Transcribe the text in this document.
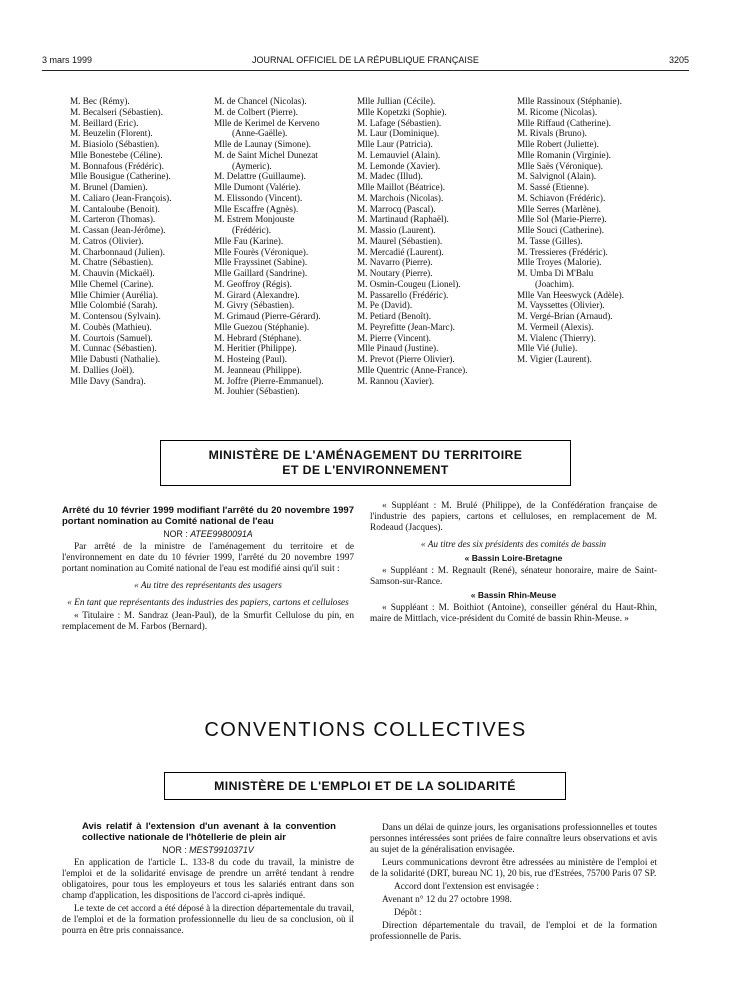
3 mars 1999	JOURNAL OFFICIEL DE LA RÉPUBLIQUE FRANÇAISE	3205
M. Bec (Rémy).
M. Becalseri (Sébastien).
M. Beillard (Eric).
M. Beuzelin (Florent).
M. Biasiolo (Sébastien).
Mlle Bonestebe (Céline).
M. Bonnafous (Frédéric).
Mlle Bousigue (Catherine).
M. Brunel (Damien).
M. Caliaro (Jean-François).
M. Cantaloube (Benoit).
M. Carteron (Thomas).
M. Cassan (Jean-Jérôme).
M. Catros (Olivier).
M. Charbonnaud (Julien).
M. Chatre (Sébastien).
M. Chauvin (Mickaël).
Mlle Chemel (Carine).
Mlle Chimier (Aurélia).
Mlle Colombié (Sarah).
M. Contensou (Sylvain).
M. Coubès (Mathieu).
M. Courtois (Samuel).
M. Cunnac (Sébastien).
Mlle Dabusti (Nathalie).
M. Dallies (Joël).
Mlle Davy (Sandra).
M. de Chancel (Nicolas).
M. de Colbert (Pierre).
Mlle de Kerimel de Kerveno
(Anne-Gaëlle).
Mlle de Launay (Simone).
M. de Saint Michel Dunezat
(Aymeric).
M. Delattre (Guillaume).
Mlle Dumont (Valérie).
M. Elissondo (Vincent).
Mlle Escaffre (Agnès).
M. Estrem Monjouste
(Frédéric).
Mlle Fau (Karine).
Mlle Fourès (Véronique).
Mlle Frayssinet (Sabine).
Mlle Gaillard (Sandrine).
M. Geoffroy (Régis).
M. Girard (Alexandre).
M. Givry (Sébastien).
M. Grimaud (Pierre-Gérard).
Mlle Guezou (Stéphanie).
M. Hebrard (Stéphane).
M. Heritier (Philippe).
M. Hosteing (Paul).
M. Jeanneau (Philippe).
M. Joffre (Pierre-Emmanuel).
M. Jouhier (Sébastien).
Mlle Jullian (Cécile).
Mlle Kopetzki (Sophie).
M. Lafage (Sébastien).
M. Laur (Dominique).
Mlle Laur (Patricia).
M. Lemauviel (Alain).
M. Lemonde (Xavier).
M. Madec (Illud).
Mlle Maillot (Béatrice).
M. Marchois (Nicolas).
M. Marrocq (Pascal).
M. Martinaud (Raphaël).
M. Massio (Laurent).
M. Maurel (Sébastien).
M. Mercadié (Laurent).
M. Navarro (Pierre).
M. Noutary (Pierre).
M. Osmin-Cougeu (Lionel).
M. Passarello (Frédéric).
M. Pe (David).
M. Petiard (Benoît).
M. Peyrefitte (Jean-Marc).
M. Pierre (Vincent).
Mlle Pinaud (Justine).
M. Prevot (Pierre Olivier).
Mlle Quentric (Anne-France).
M. Rannou (Xavier).
Mlle Rassinoux (Stéphanie).
M. Ricome (Nicolas).
Mlle Riffaud (Catherine).
M. Rivals (Bruno).
Mlle Robert (Juliette).
Mlle Romanin (Virginie).
Mlle Saës (Véronique).
M. Salvignol (Alain).
M. Sassé (Etienne).
M. Schiavon (Frédéric).
Mlle Serres (Marlène).
Mlle Sol (Marie-Pierre).
Mlle Souci (Catherine).
M. Tasse (Gilles).
M. Tressieres (Frédéric).
Mlle Troyes (Malorie).
M. Umba Di M'Balu
(Joachim).
Mlle Van Heeswyck (Adèle).
M. Vayssettes (Olivier).
M. Vergé-Brian (Arnaud).
M. Vermeil (Alexis).
M. Vialenc (Thierry).
Mlle Vié (Julie).
M. Vigier (Laurent).
MINISTÈRE DE L'AMÉNAGEMENT DU TERRITOIRE
ET DE L'ENVIRONNEMENT

Arrêté du 10 février 1999 modifiant l'arrêté du 20 novembre 1997 portant nomination au Comité national de l'eau

NOR : ATEE9980091A

Par arrêté de la ministre de l'aménagement du territoire et de l'environnement en date du 10 février 1999, l'arrêté du 20 novembre 1997 portant nomination au Comité national de l'eau est modifié ainsi qu'il suit :

« Au titre des représentants des usagers

« En tant que représentants des industries des papiers, cartons et celluloses

« Titulaire : M. Sandraz (Jean-Paul), de la Smurfit Cellulose du pin, en remplacement de M. Farbos (Bernard).

« Suppléant : M. Brulé (Philippe), de la Confédération française de l'industrie des papiers, cartons et celluloses, en remplacement de M. Rodeaud (Jacques).

« Au titre des six présidents des comités de bassin

« Bassin Loire-Bretagne

« Suppléant : M. Regnault (René), sénateur honoraire, maire de Saint-Samson-sur-Rance.

« Bassin Rhin-Meuse

« Suppléant : M. Boithiot (Antoine), conseiller général du Haut-Rhin, maire de Mittlach, vice-président du Comité de bassin Rhin-Meuse. »

CONVENTIONS COLLECTIVES
MINISTÈRE DE L'EMPLOI ET DE LA SOLIDARITÉ

Avis relatif à l'extension d'un avenant à la convention collective nationale de l'hôtellerie de plein air

NOR : MEST9910371V

En application de l'article L. 133-8 du code du travail, la ministre de l'emploi et de la solidarité envisage de prendre un arrêté tendant à rendre obligatoires, pour tous les employeurs et tous les salariés entrant dans son champ d'application, les dispositions de l'accord ci-après indiqué.

Le texte de cet accord a été déposé à la direction départementale du travail, de l'emploi et de la formation professionnelle du lieu de sa conclusion, où il pourra en être pris connaissance.

Dans un délai de quinze jours, les organisations professionnelles et toutes personnes intéressées sont priées de faire connaître leurs observations et avis au sujet de la généralisation envisagée.

Leurs communications devront être adressées au ministère de l'emploi et de la solidarité (DRT, bureau NC 1), 20 bis, rue d'Estrées, 75700 Paris 07 SP.

Accord dont l'extension est envisagée :

Avenant n° 12 du 27 octobre 1998.

Dépôt :

Direction départementale du travail, de l'emploi et de la formation professionnelle de Paris.
